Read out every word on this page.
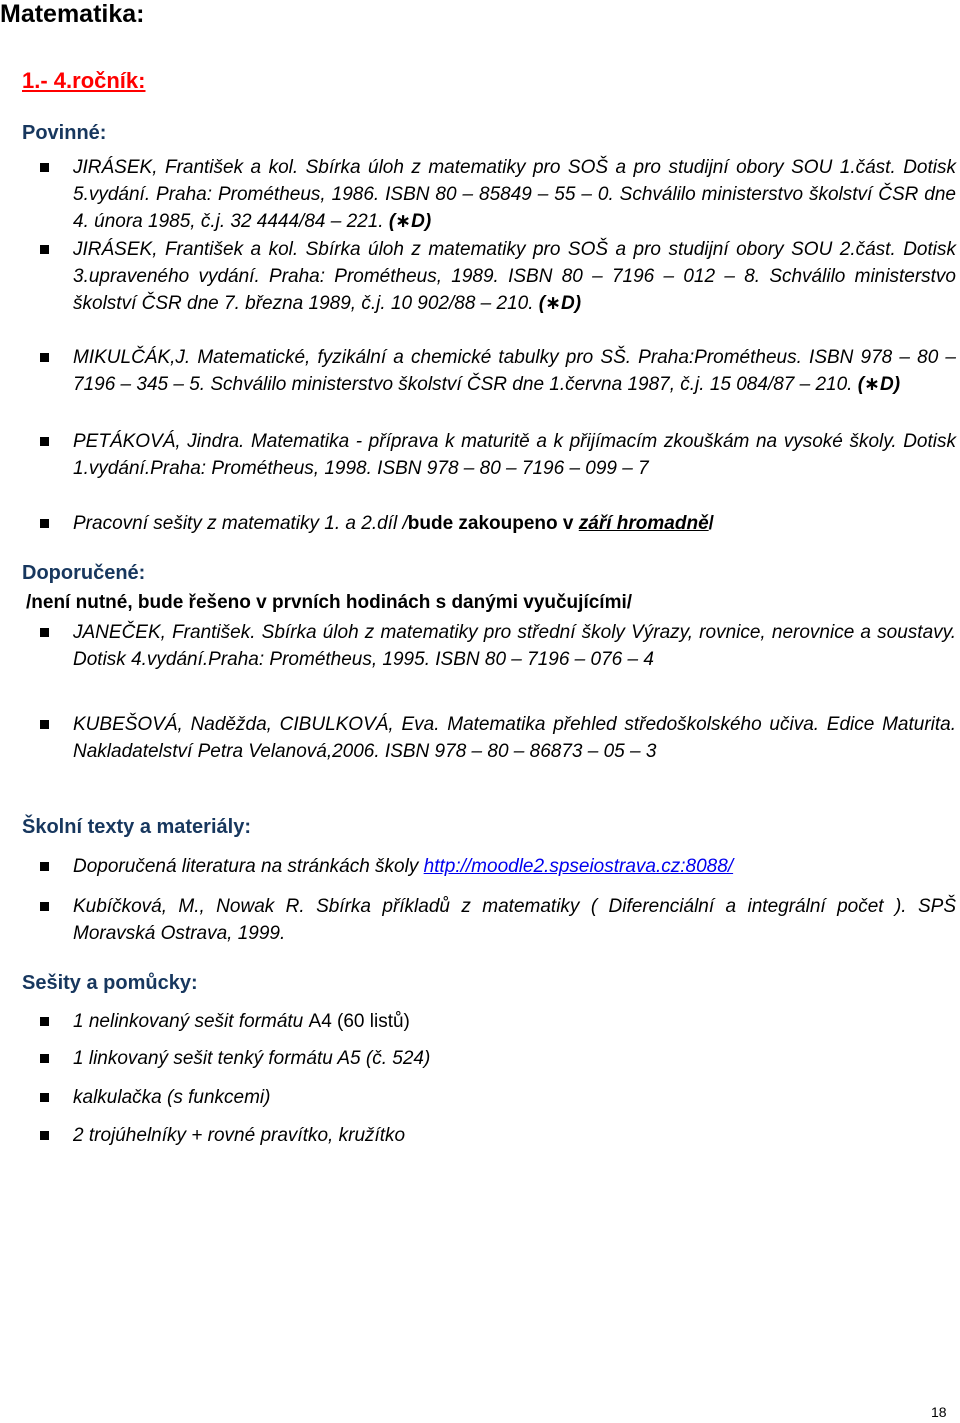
Matematika:
1.- 4.ročník:
Povinné:
JIRÁSEK, František a kol. Sbírka úloh z matematiky pro SOŠ a pro studijní obory SOU 1.část. Dotisk 5.vydání. Praha: Prométheus, 1986. ISBN 80 – 85849 – 55 – 0. Schválilo ministerstvo školství ČSR dne 4. února 1985, č.j. 32 4444/84 – 221. (∗D)
JIRÁSEK, František a kol. Sbírka úloh z matematiky pro SOŠ a pro studijní obory SOU 2.část. Dotisk 3.upraveného vydání. Praha: Prométheus, 1989. ISBN 80 – 7196 – 012 – 8. Schválilo ministerstvo školství ČSR dne 7. března 1989, č.j. 10 902/88 – 210. (∗D)
MIKULČÁK,J. Matematické, fyzikální a chemické tabulky pro SŠ. Praha:Prométheus. ISBN 978 – 80 – 7196 – 345 – 5. Schválilo ministerstvo školství ČSR dne 1.června 1987, č.j. 15 084/87 – 210. (∗D)
PETÁKOVÁ, Jindra. Matematika - příprava k maturitě a k přijímacím zkouškám na vysoké školy. Dotisk 1.vydání.Praha: Prométheus, 1998. ISBN 978 – 80 – 7196 – 099 – 7
Pracovní sešity z matematiky 1. a 2.díl /bude zakoupeno v září hromadně/
Doporučené:

/není nutné, bude řešeno v prvních hodinách s danými vyučujícími/

JANEČEK, František. Sbírka úloh z matematiky pro střední školy Výrazy, rovnice, nerovnice a soustavy. Dotisk 4.vydání.Praha: Prométheus, 1995. ISBN 80 – 7196 – 076 – 4
KUBEŠOVÁ, Naděžda, CIBULKOVÁ, Eva. Matematika přehled středoškolského učiva. Edice Maturita. Nakladatelství Petra Velanová,2006. ISBN 978 – 80 – 86873 – 05 – 3
Školní texty a materiály:
Doporučená literatura na stránkách školy http://moodle2.spseiostrava.cz:8088/
Kubíčková, M., Nowak R. Sbírka příkladů z matematiky ( Diferenciální a integrální počet ). SPŠ Moravská Ostrava, 1999.
Sešity a pomůcky:
1 nelinkovaný sešit formátu A4 (60 listů)
1 linkovaný sešit tenký formátu A5 (č. 524)
kalkulačka (s funkcemi)
2 trojúhelníky + rovné pravítko, kružítko

18
